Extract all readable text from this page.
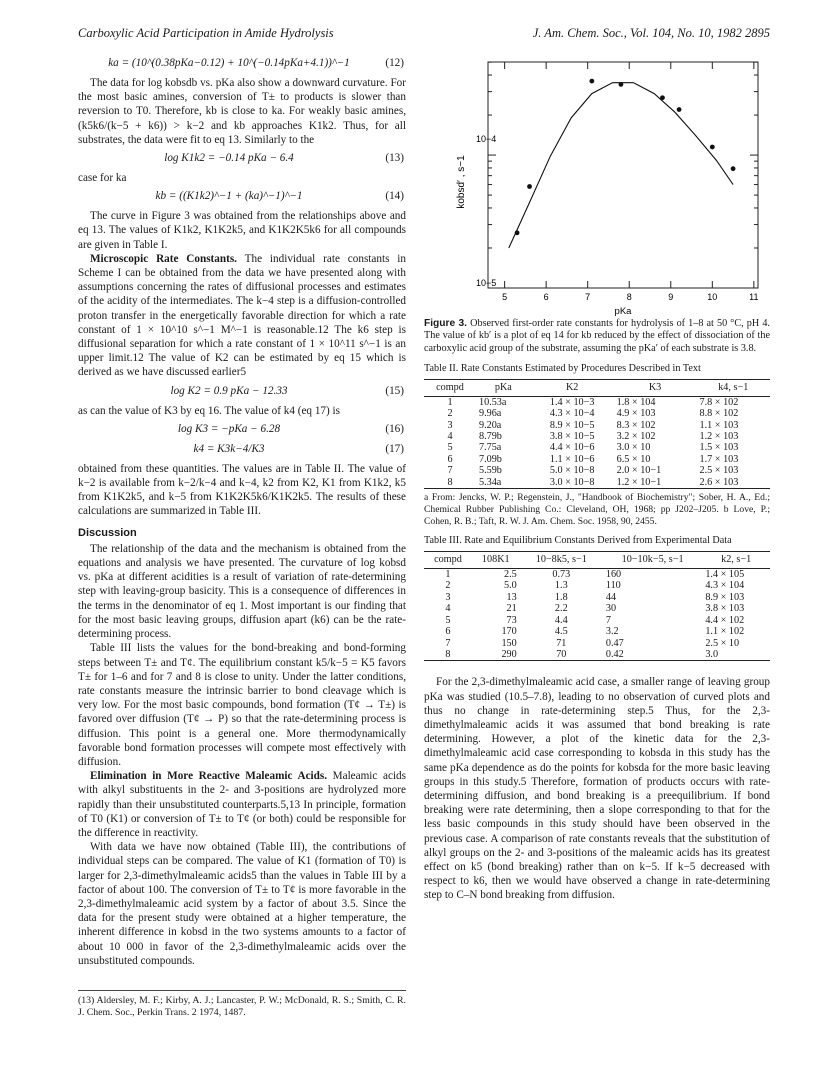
Carboxylic Acid Participation in Amide Hydrolysis	J. Am. Chem. Soc., Vol. 104, No. 10, 1982 2895
ka = (10^(0.38pKa−0.12) + 10^(−0.14pKa+4.1))^−1	(12)

The data for log kobsdb vs. pKa also show a downward curvature. For the most basic amines, conversion of T± to products is slower than reversion to T0. Therefore, kb is close to ka. For weakly basic amines, (k5k6/(k−5 + k6)) > k−2 and kb approaches K1k2. Thus, for all substrates, the data were fit to eq 13. Similarly to the

log K1k2 = −0.14 pKa − 6.4	(13)

case for ka

kb = ((K1k2)^−1 + (ka)^−1)^−1	(14)

The curve in Figure 3 was obtained from the relationships above and eq 13. The values of K1k2, K1K2k5, and K1K2K5k6 for all compounds are given in Table I.

Microscopic Rate Constants. The individual rate constants in Scheme I can be obtained from the data we have presented along with assumptions concerning the rates of diffusional processes and estimates of the acidity of the intermediates. The k−4 step is a diffusion-controlled proton transfer in the energetically favorable direction for which a rate constant of 1 × 10^10 s^−1 M^−1 is reasonable.12 The k6 step is diffusional separation for which a rate constant of 1 × 10^11 s^−1 is an upper limit.12 The value of K2 can be estimated by eq 15 which is derived as we have discussed earlier5

log K2 = 0.9 pKa − 12.33	(15)

as can the value of K3 by eq 16. The value of k4 (eq 17) is

log K3 = −pKa − 6.28	(16)
k4 = K3k−4/K3	(17)

obtained from these quantities. The values are in Table II. The value of k−2 is available from k−2/k−4 and k−4, k2 from K2, K1 from K1k2, k5 from K1K2k5, and k−5 from K1K2K5k6/K1K2k5. The results of these calculations are summarized in Table III.

Discussion

The relationship of the data and the mechanism is obtained from the equations and analysis we have presented. The curvature of log kobsd vs. pKa at different acidities is a result of variation of rate-determining step with leaving-group basicity. This is a consequence of differences in the terms in the denominator of eq 1. Most important is our finding that for the most basic leaving groups, diffusion apart (k6) can be the rate-determining process.

Table III lists the values for the bond-breaking and bond-forming steps between T± and T¢. The equilibrium constant k5/k−5 = K5 favors T± for 1–6 and for 7 and 8 is close to unity. Under the latter conditions, rate constants measure the intrinsic barrier to bond cleavage which is very low. For the most basic compounds, bond formation (T¢ → T±) is favored over diffusion (T¢ → P) so that the rate-determining process is diffusion. This point is a general one. More thermodynamically favorable bond formation processes will compete most effectively with diffusion.

Elimination in More Reactive Maleamic Acids. Maleamic acids with alkyl substituents in the 2- and 3-positions are hydrolyzed more rapidly than their unsubstituted counterparts.5,13 In principle, formation of T0 (K1) or conversion of T± to T¢ (or both) could be responsible for the difference in reactivity.

With data we have now obtained (Table III), the contributions of individual steps can be compared. The value of K1 (formation of T0) is larger for 2,3-dimethylmaleamic acids5 than the values in Table III by a factor of about 100. The conversion of T± to T¢ is more favorable in the 2,3-dimethylmaleamic acid system by a factor of about 3.5. Since the data for the present study were obtained at a higher temperature, the inherent difference in kobsd in the two systems amounts to a factor of about 10 000 in favor of the 2,3-dimethylmaleamic acids over the unsubstituted compounds.

(13) Aldersley, M. F.; Kirby, A. J.; Lancaster, P. W.; McDonald, R. S.; Smith, C. R. J. Chem. Soc., Perkin Trans. 2 1974, 1487.
10−4
10−5
kobsd′ , s−1
5	6	7	8	9	10	11
pKa

Figure 3. Observed first-order rate constants for hydrolysis of 1–8 at 50 °C, pH 4. The value of kb′ is a plot of eq 14 for kb reduced by the effect of dissociation of the carboxylic acid group of the substrate, assuming the pKa′ of each substrate is 3.8.

Table II. Rate Constants Estimated by Procedures Described in Text

compd	pKa	K2	K3	k4, s−1
1	10.53a	1.4 × 10−3	1.8 × 104	7.8 × 102
2	9.96a	4.3 × 10−4	4.9 × 103	8.8 × 102
3	9.20a	8.9 × 10−5	8.3 × 102	1.1 × 103
4	8.79b	3.8 × 10−5	3.2 × 102	1.2 × 103
5	7.75a	4.4 × 10−6	3.0 × 10	1.5 × 103
6	7.09b	1.1 × 10−6	6.5 × 10	1.7 × 103
7	5.59b	5.0 × 10−8	2.0 × 10−1	2.5 × 103
8	5.34a	3.0 × 10−8	1.2 × 10−1	2.6 × 103

a From: Jencks, W. P.; Regenstein, J., "Handbook of Biochemistry"; Sober, H. A., Ed.; Chemical Rubber Publishing Co.: Cleveland, OH, 1968; pp J202–J205. b Love, P.; Cohen, R. B.; Taft, R. W. J. Am. Chem. Soc. 1958, 90, 2455.

Table III. Rate and Equilibrium Constants Derived from Experimental Data

compd	108K1	10−8k5, s−1	10−10k−5, s−1	k2, s−1
1	2.5	0.73	160	1.4 × 105
2	5.0	1.3	110	4.3 × 104
3	13	1.8	44	8.9 × 103
4	21	2.2	30	3.8 × 103
5	73	4.4	7	4.4 × 102
6	170	4.5	3.2	1.1 × 102
7	150	71	0.47	2.5 × 10
8	290	70	0.42	3.0

For the 2,3-dimethylmaleamic acid case, a smaller range of leaving group pKa was studied (10.5–7.8), leading to no observation of curved plots and thus no change in rate-determining step.5 Thus, for the 2,3-dimethylmaleamic acids it was assumed that bond breaking is rate determining. However, a plot of the kinetic data for the 2,3-dimethylmaleamic acid case corresponding to kobsda in this study has the same pKa dependence as do the points for kobsda for the more basic leaving groups in this study.5 Therefore, formation of products occurs with rate-determining diffusion, and bond breaking is a preequilibrium. If bond breaking were rate determining, then a slope corresponding to that for the less basic compounds in this study should have been observed in the previous case. A comparison of rate constants reveals that the substitution of alkyl groups on the 2- and 3-positions of the maleamic acids has its greatest effect on k5 (bond breaking) rather than on k−5. If k−5 decreased with respect to k6, then we would have observed a change in rate-determining step to C–N bond breaking from diffusion.
